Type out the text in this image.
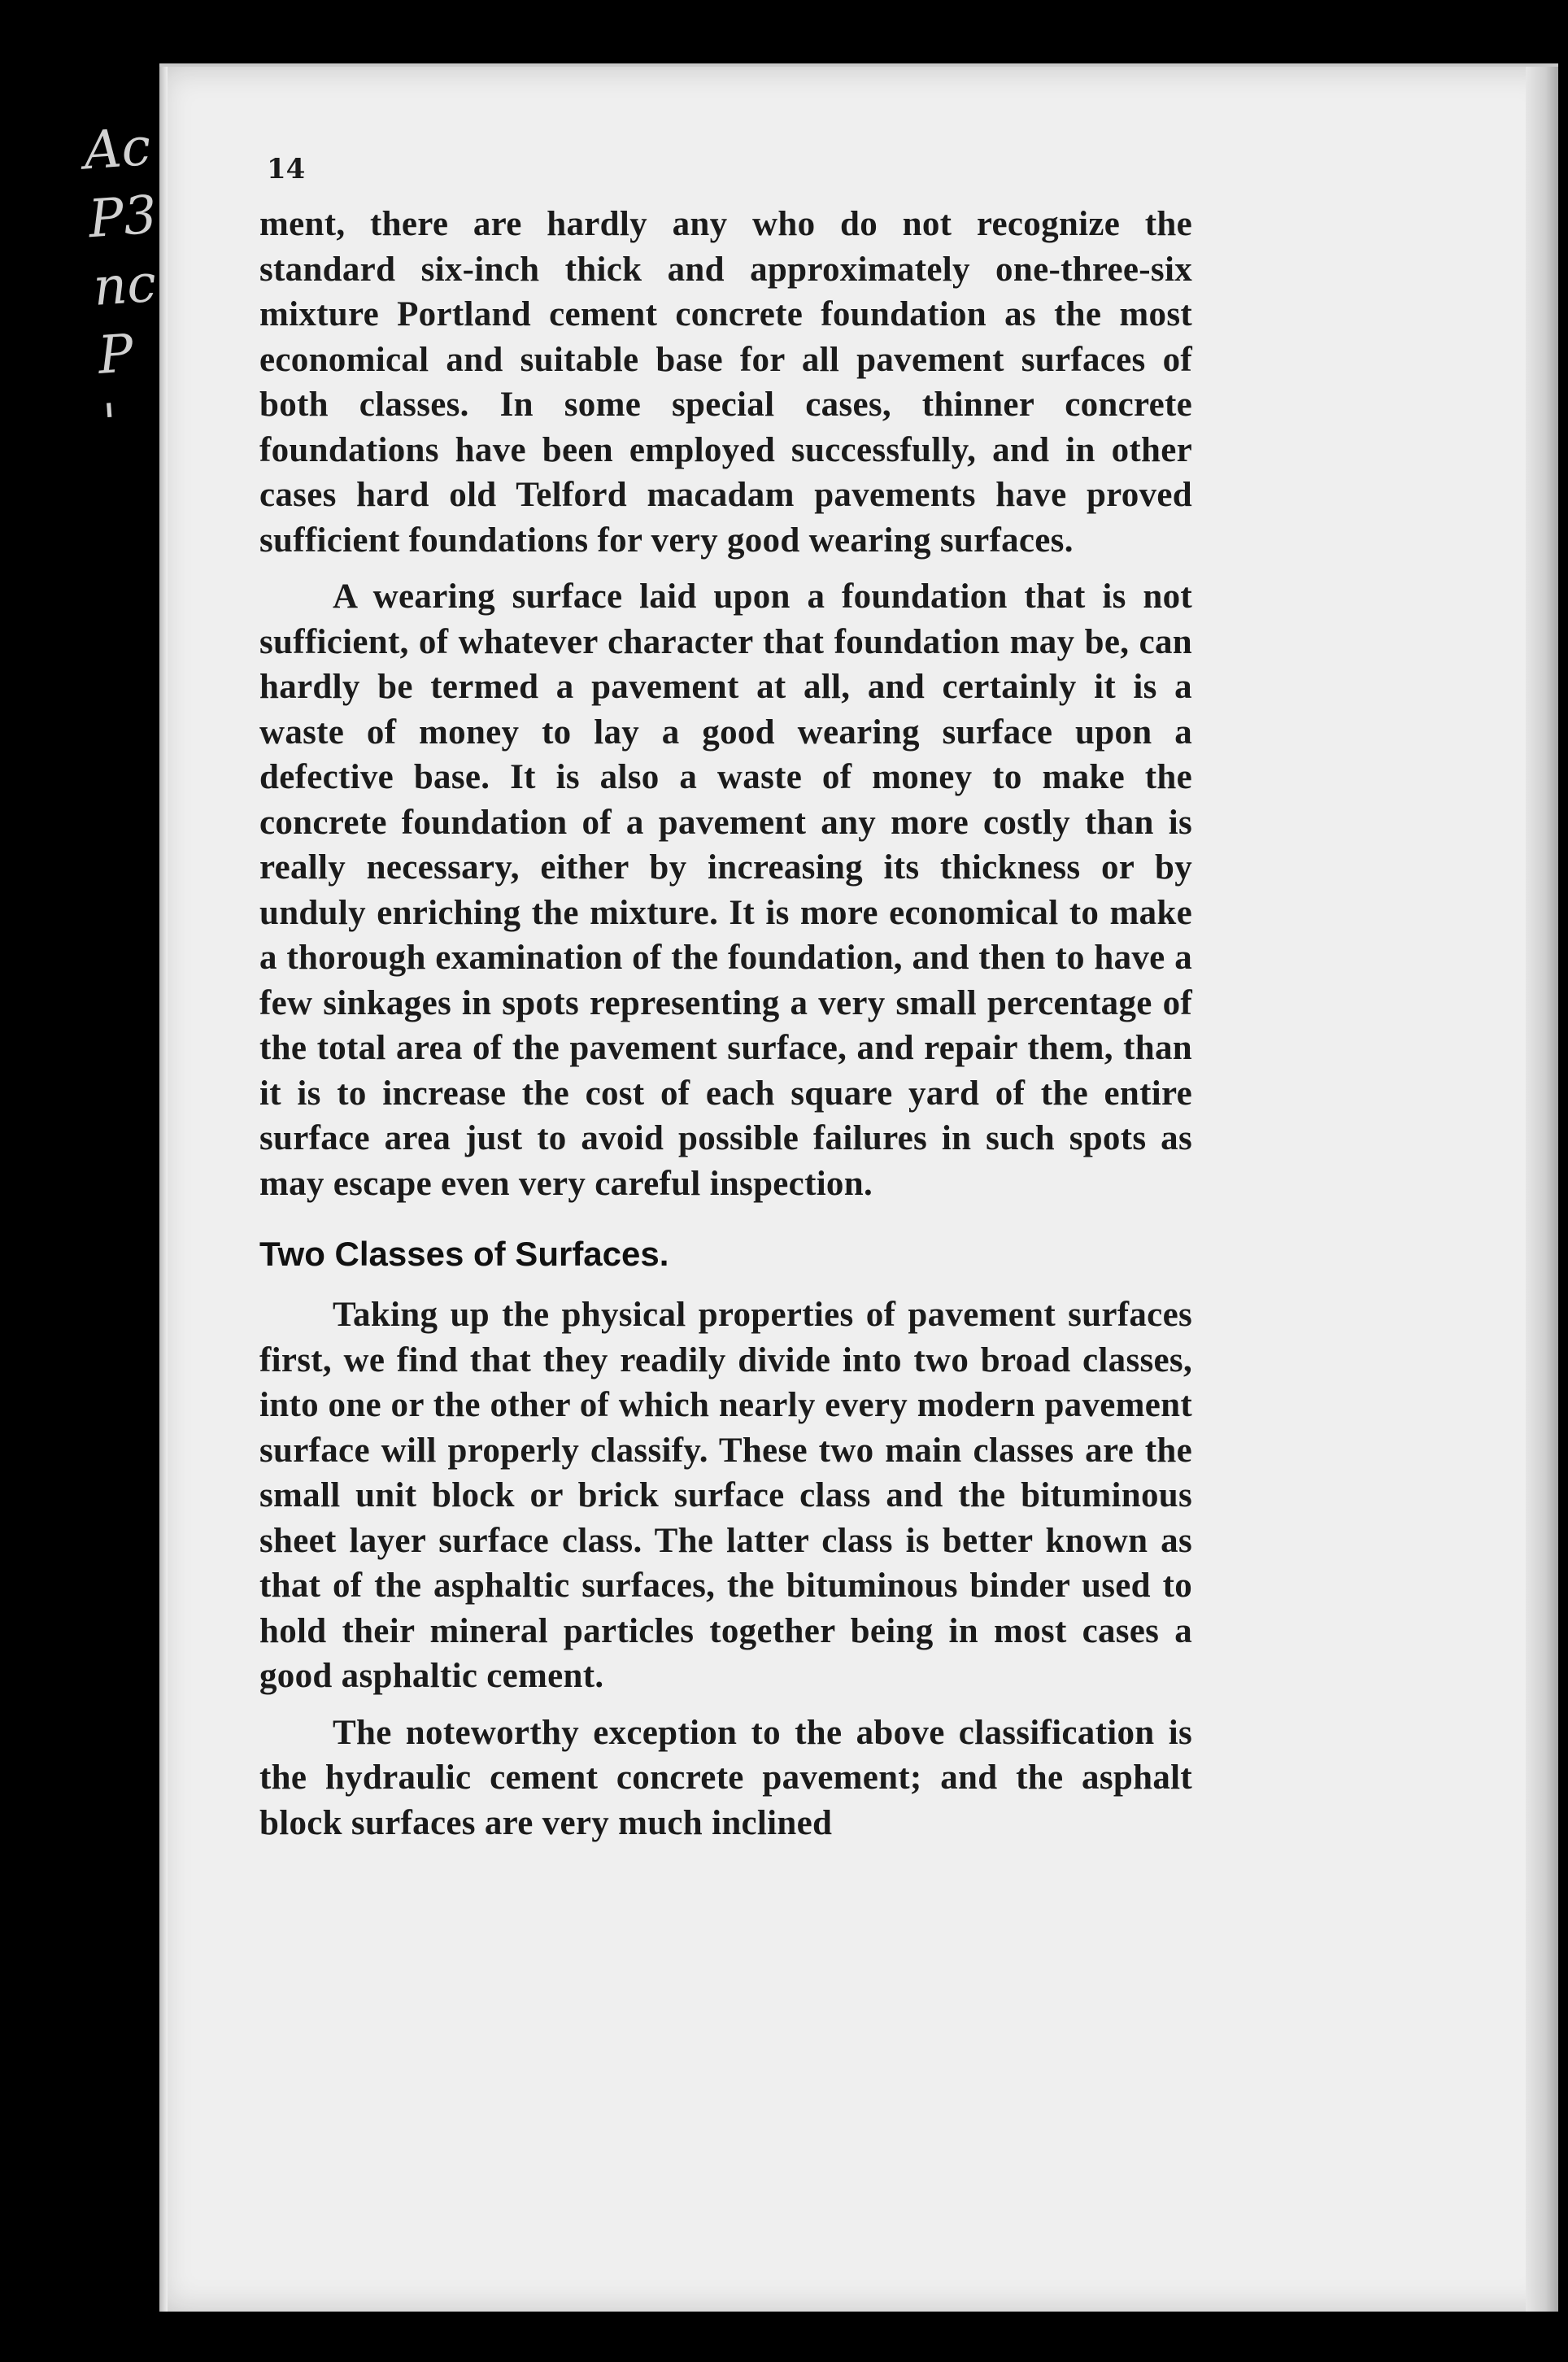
Ac
P3
nc
P
'

14

ment, there are hardly any who do not recognize the standard six-inch thick and approximately one-three-six mixture Portland cement concrete foundation as the most economical and suitable base for all pavement surfaces of both classes. In some special cases, thinner concrete foundations have been employed successfully, and in other cases hard old Telford macadam pavements have proved sufficient foundations for very good wearing surfaces.

A wearing surface laid upon a foundation that is not sufficient, of whatever character that foundation may be, can hardly be termed a pavement at all, and certainly it is a waste of money to lay a good wearing surface upon a defective base. It is also a waste of money to make the concrete foundation of a pavement any more costly than is really necessary, either by increasing its thickness or by unduly enriching the mixture. It is more economical to make a thorough examination of the foundation, and then to have a few sinkages in spots representing a very small percentage of the total area of the pavement surface, and repair them, than it is to increase the cost of each square yard of the entire surface area just to avoid possible failures in such spots as may escape even very careful inspection.

Two Classes of Surfaces.

Taking up the physical properties of pavement surfaces first, we find that they readily divide into two broad classes, into one or the other of which nearly every modern pavement surface will properly classify. These two main classes are the small unit block or brick surface class and the bituminous sheet layer surface class. The latter class is better known as that of the asphaltic surfaces, the bituminous binder used to hold their mineral particles together being in most cases a good asphaltic cement.

The noteworthy exception to the above classification is the hydraulic cement concrete pavement; and the asphalt block surfaces are very much inclined
